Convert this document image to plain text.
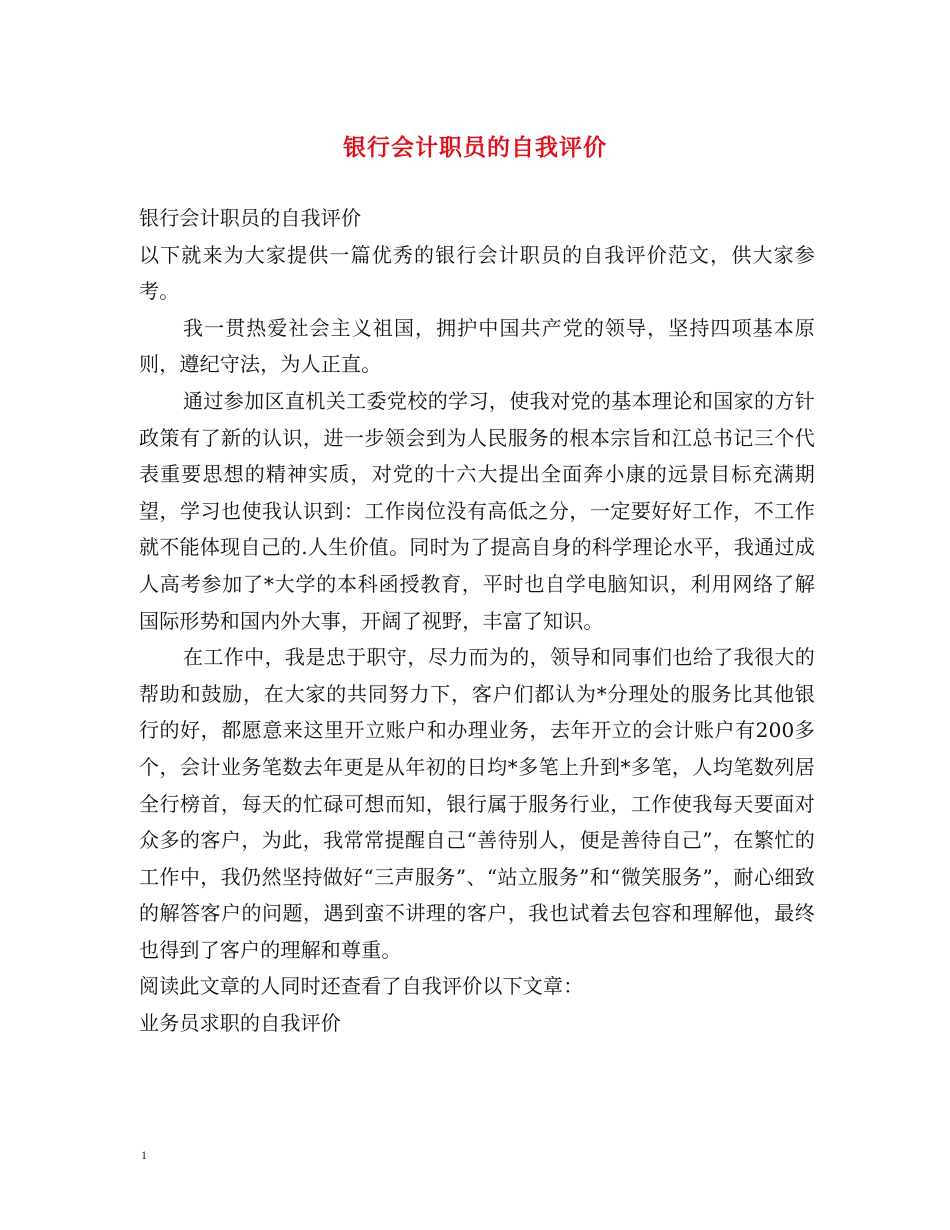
银行会计职员的自我评价

银行会计职员的自我评价

以下就来为大家提供一篇优秀的银行会计职员的自我评价范文，供大家参考。

我一贯热爱社会主义祖国，拥护中国共产党的领导，坚持四项基本原则，遵纪守法，为人正直。

通过参加区直机关工委党校的学习，使我对党的基本理论和国家的方针政策有了新的认识，进一步领会到为人民服务的根本宗旨和江总书记三个代表重要思想的精神实质，对党的十六大提出全面奔小康的远景目标充满期望，学习也使我认识到：工作岗位没有高低之分，一定要好好工作，不工作就不能体现自己的.人生价值。同时为了提高自身的科学理论水平，我通过成人高考参加了*大学的本科函授教育，平时也自学电脑知识，利用网络了解国际形势和国内外大事，开阔了视野，丰富了知识。

在工作中，我是忠于职守，尽力而为的，领导和同事们也给了我很大的帮助和鼓励，在大家的共同努力下，客户们都认为*分理处的服务比其他银行的好，都愿意来这里开立账户和办理业务，去年开立的会计账户有200多个，会计业务笔数去年更是从年初的日均*多笔上升到*多笔，人均笔数列居全行榜首，每天的忙碌可想而知，银行属于服务行业，工作使我每天要面对众多的客户，为此，我常常提醒自己“善待别人，便是善待自己”，在繁忙的工作中，我仍然坚持做好“三声服务”、“站立服务”和“微笑服务”，耐心细致的解答客户的问题，遇到蛮不讲理的客户，我也试着去包容和理解他，最终也得到了客户的理解和尊重。

阅读此文章的人同时还查看了自我评价以下文章：

业务员求职的自我评价

1
